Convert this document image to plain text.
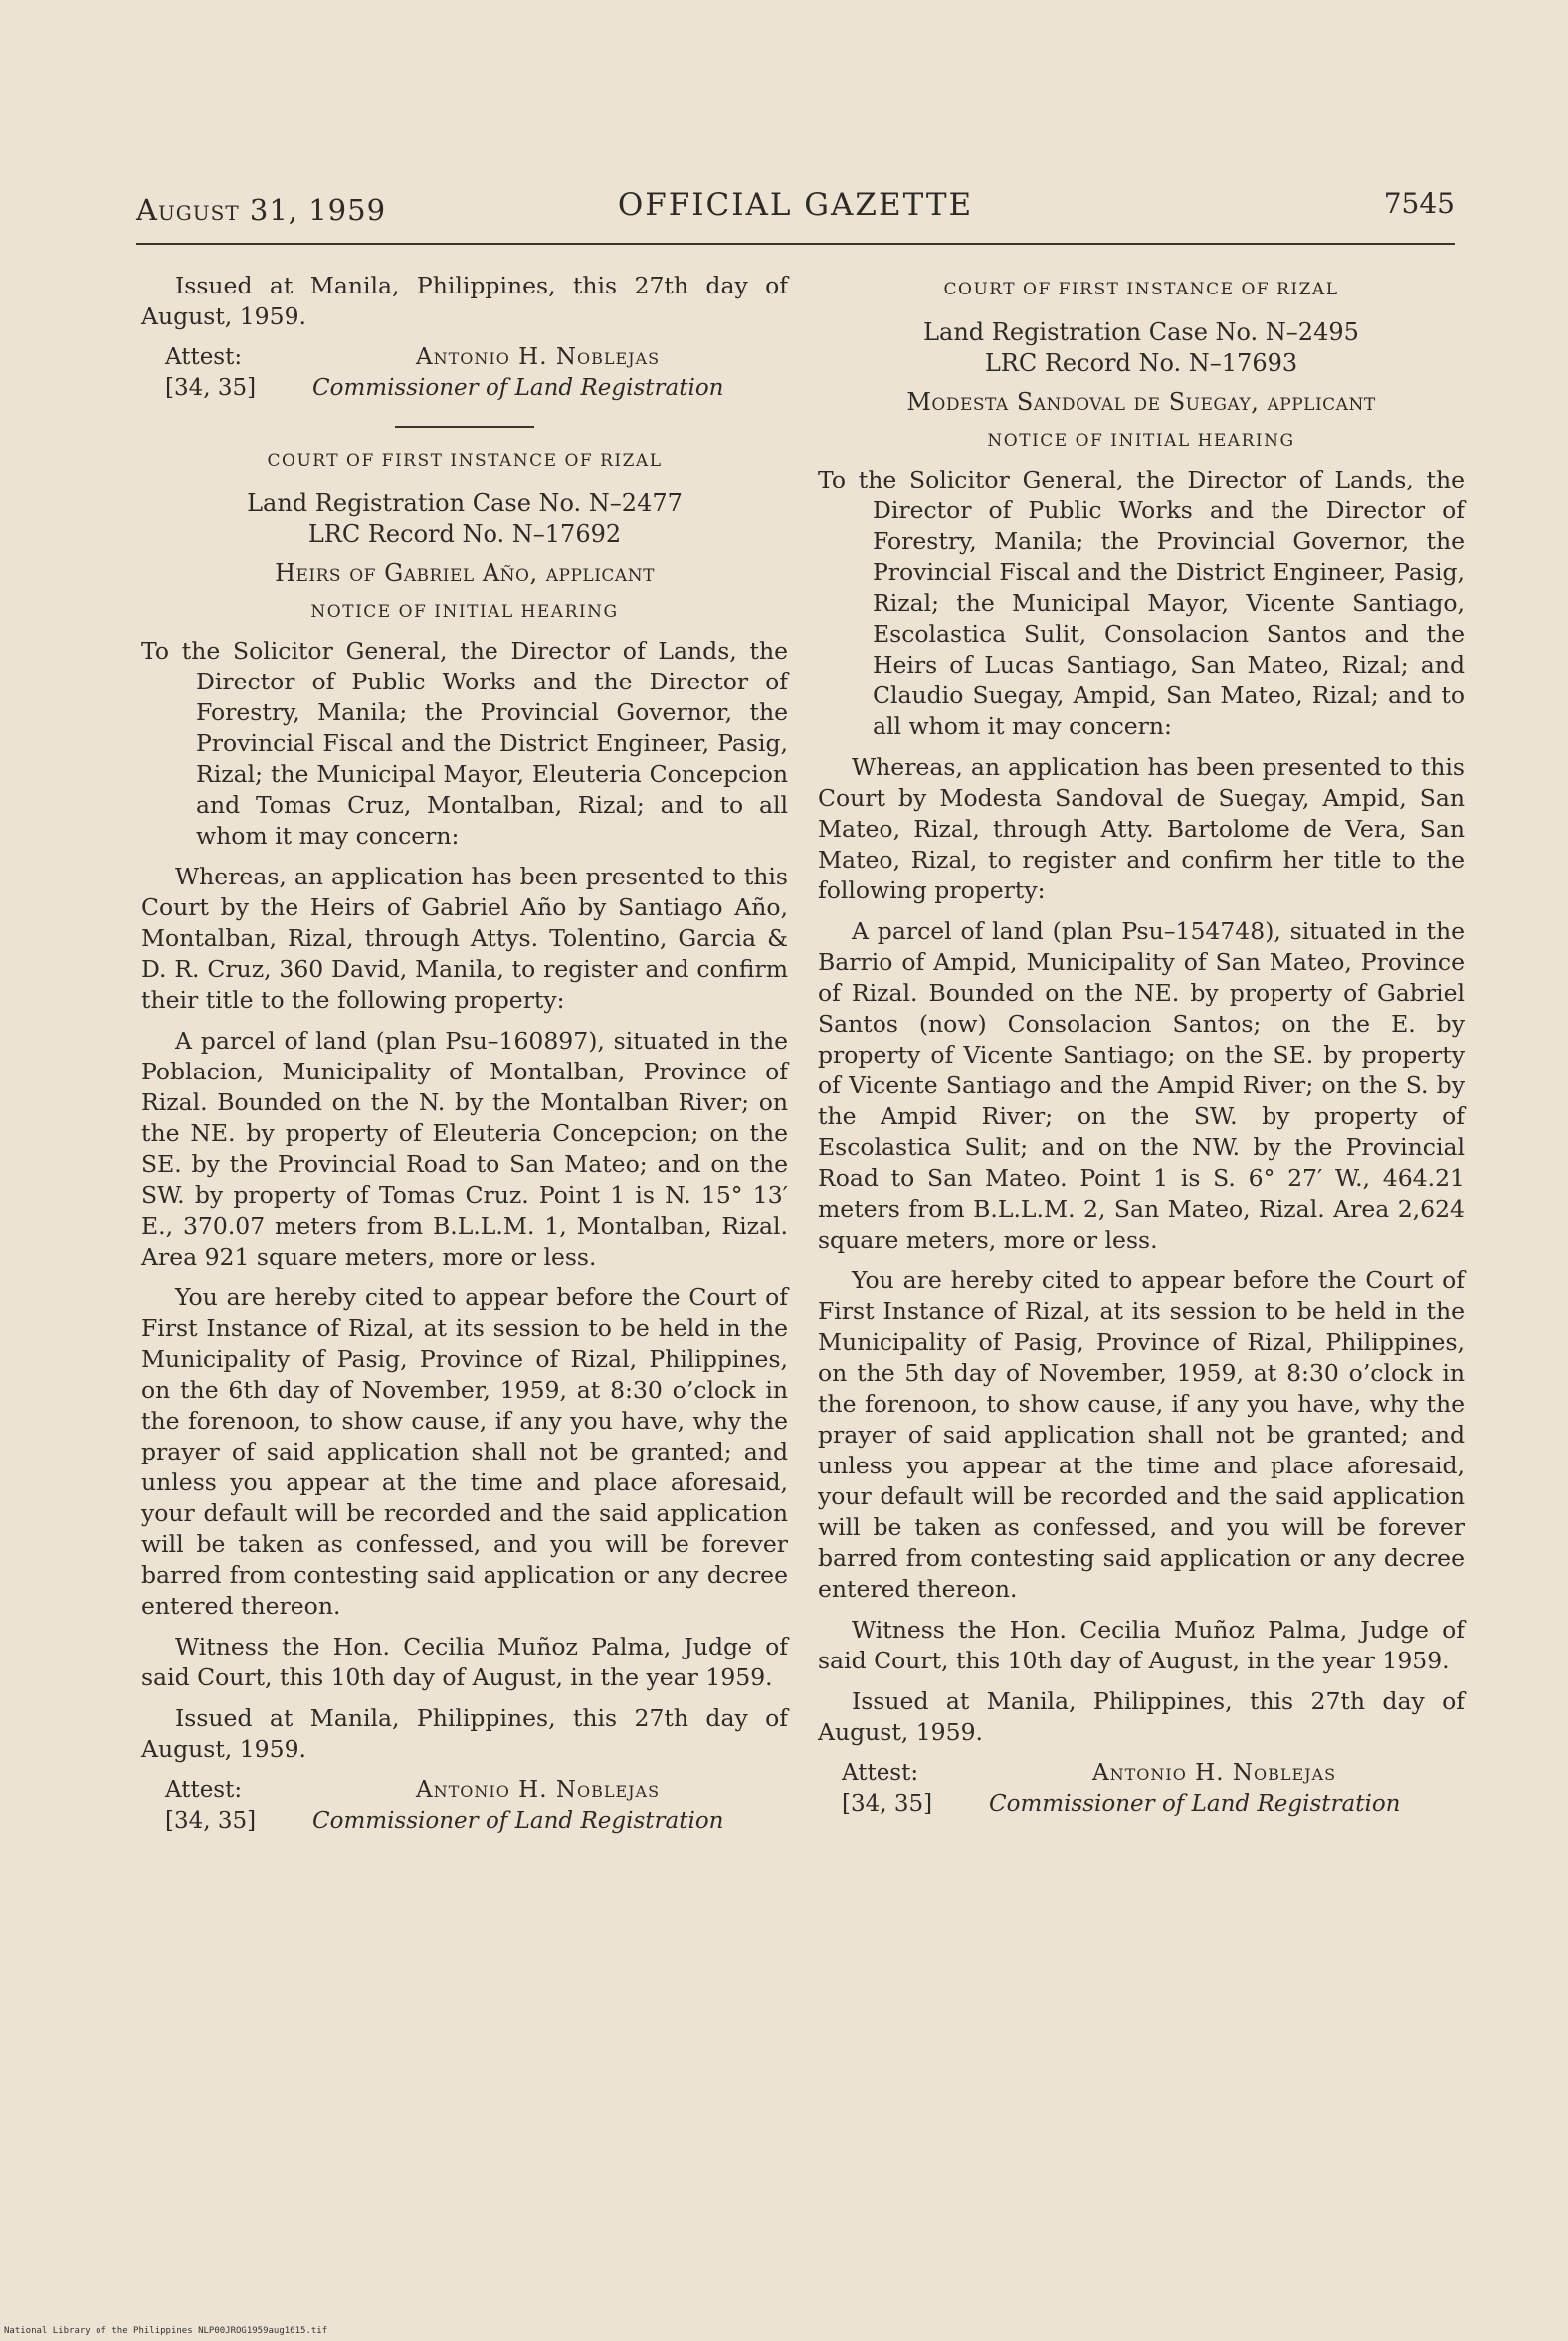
August 31, 1959	OFFICIAL GAZETTE	7545

Issued at Manila, Philippines, this 27th day of August, 1959.

Attest:
[34, 35]
Antonio H. Noblejas
Commissioner of Land Registration
COURT OF FIRST INSTANCE OF RIZAL

Land Registration Case No. N–2477

LRC Record No. N–17692

Heirs of Gabriel Año, applicant
NOTICE OF INITIAL HEARING

To the Solicitor General, the Director of Lands, the Director of Public Works and the Director of Forestry, Manila; the Provincial Governor, the Provincial Fiscal and the District Engineer, Pasig, Rizal; the Municipal Mayor, Eleuteria Concepcion and Tomas Cruz, Montalban, Rizal; and to all whom it may concern:

Whereas, an application has been presented to this Court by the Heirs of Gabriel Año by Santiago Año, Montalban, Rizal, through Attys. Tolentino, Garcia & D. R. Cruz, 360 David, Manila, to register and confirm their title to the following property:

A parcel of land (plan Psu–160897), situated in the Poblacion, Municipality of Montalban, Province of Rizal. Bounded on the N. by the Montalban River; on the NE. by property of Eleuteria Concepcion; on the SE. by the Provincial Road to San Mateo; and on the SW. by property of Tomas Cruz. Point 1 is N. 15° 13′ E., 370.07 meters from B.L.L.M. 1, Montalban, Rizal. Area 921 square meters, more or less.

You are hereby cited to appear before the Court of First Instance of Rizal, at its session to be held in the Municipality of Pasig, Province of Rizal, Philippines, on the 6th day of November, 1959, at 8:30 o’clock in the forenoon, to show cause, if any you have, why the prayer of said application shall not be granted; and unless you appear at the time and place aforesaid, your default will be recorded and the said application will be taken as confessed, and you will be forever barred from contesting said application or any decree entered thereon.

Witness the Hon. Cecilia Muñoz Palma, Judge of said Court, this 10th day of August, in the year 1959.

Issued at Manila, Philippines, this 27th day of August, 1959.

Attest:
[34, 35]
Antonio H. Noblejas
Commissioner of Land Registration
COURT OF FIRST INSTANCE OF RIZAL

Land Registration Case No. N–2495

LRC Record No. N–17693

Modesta Sandoval de Suegay, applicant
NOTICE OF INITIAL HEARING

To the Solicitor General, the Director of Lands, the Director of Public Works and the Director of Forestry, Manila; the Provincial Governor, the Provincial Fiscal and the District Engineer, Pasig, Rizal; the Municipal Mayor, Vicente Santiago, Escolastica Sulit, Consolacion Santos and the Heirs of Lucas Santiago, San Mateo, Rizal; and Claudio Suegay, Ampid, San Mateo, Rizal; and to all whom it may concern:

Whereas, an application has been presented to this Court by Modesta Sandoval de Suegay, Ampid, San Mateo, Rizal, through Atty. Bartolome de Vera, San Mateo, Rizal, to register and confirm her title to the following property:

A parcel of land (plan Psu–154748), situated in the Barrio of Ampid, Municipality of San Mateo, Province of Rizal. Bounded on the NE. by property of Gabriel Santos (now) Consolacion Santos; on the E. by property of Vicente Santiago; on the SE. by property of Vicente Santiago and the Ampid River; on the S. by the Ampid River; on the SW. by property of Escolastica Sulit; and on the NW. by the Provincial Road to San Mateo. Point 1 is S. 6° 27′ W., 464.21 meters from B.L.L.M. 2, San Mateo, Rizal. Area 2,624 square meters, more or less.

You are hereby cited to appear before the Court of First Instance of Rizal, at its session to be held in the Municipality of Pasig, Province of Rizal, Philippines, on the 5th day of November, 1959, at 8:30 o’clock in the forenoon, to show cause, if any you have, why the prayer of said application shall not be granted; and unless you appear at the time and place aforesaid, your default will be recorded and the said application will be taken as confessed, and you will be forever barred from contesting said application or any decree entered thereon.

Witness the Hon. Cecilia Muñoz Palma, Judge of said Court, this 10th day of August, in the year 1959.

Issued at Manila, Philippines, this 27th day of August, 1959.

Attest:
[34, 35]
Antonio H. Noblejas
Commissioner of Land Registration
National Library of the Philippines NLP00JROG1959aug1615.tif
